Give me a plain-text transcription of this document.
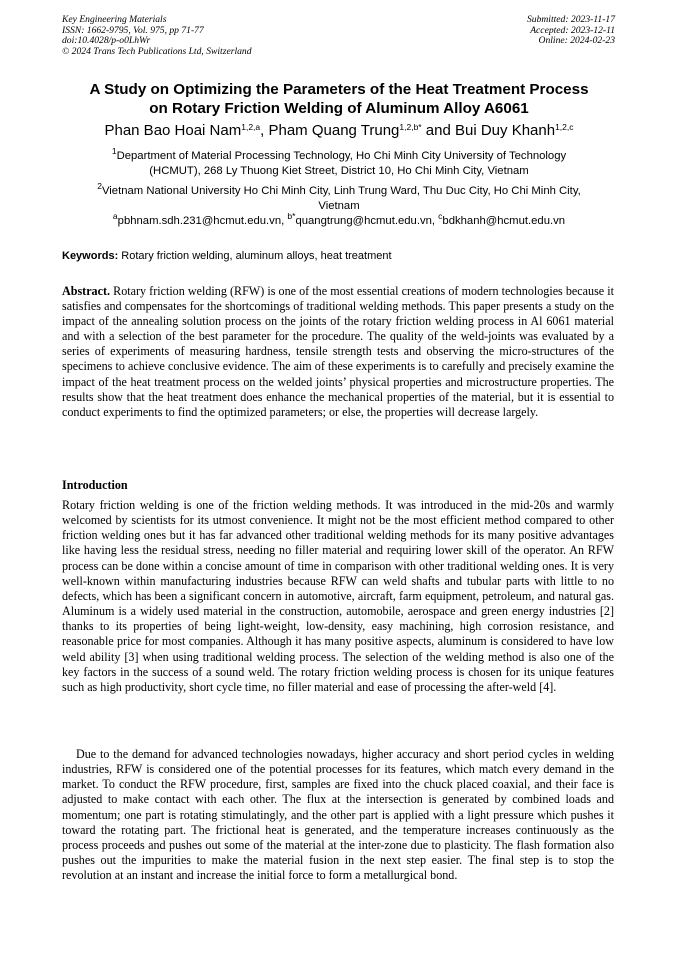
Key Engineering Materials
ISSN: 1662-9795, Vol. 975, pp 71-77
doi:10.4028/p-o0LhWr
© 2024 Trans Tech Publications Ltd, Switzerland
Submitted: 2023-11-17
Accepted: 2023-12-11
Online: 2024-02-23
A Study on Optimizing the Parameters of the Heat Treatment Process
on Rotary Friction Welding of Aluminum Alloy A6061
Phan Bao Hoai Nam$^{1,2,a}$, Pham Quang Trung$^{1,2,b*}$ and Bui Duy Khanh$^{1,2,c}$
$^1$Department of Material Processing Technology, Ho Chi Minh City University of Technology
(HCMUT), 268 Ly Thuong Kiet Street, District 10, Ho Chi Minh City, Vietnam
$^2$Vietnam National University Ho Chi Minh City, Linh Trung Ward, Thu Duc City, Ho Chi Minh City,
Vietnam
$^a$pbhnam.sdh.231@hcmut.edu.vn, $^{b*}$quangtrung@hcmut.edu.vn, $^c$bdkhanh@hcmut.edu.vn
Keywords: Rotary friction welding, aluminum alloys, heat treatment
Abstract. Rotary friction welding (RFW) is one of the most essential creations of modern technologies because it satisfies and compensates for the shortcomings of traditional welding methods. This paper presents a study on the impact of the annealing solution process on the joints of the rotary friction welding process in Al 6061 material and with a selection of the best parameter for the procedure. The quality of the weld-joints was evaluated by a series of experiments of measuring hardness, tensile strength tests and observing the micro-structures of the specimens to achieve conclusive evidence. The aim of these experiments is to carefully and precisely examine the impact of the heat treatment process on the welded joints’ physical properties and microstructure properties. The results show that the heat treatment does enhance the mechanical properties of the material, but it is essential to conduct experiments to find the optimized parameters; or else, the properties will decrease largely.
Introduction

Rotary friction welding is one of the friction welding methods. It was introduced in the mid-20s and warmly welcomed by scientists for its utmost convenience. It might not be the most efficient method compared to other friction welding ones but it has far advanced other traditional welding methods for its many positive advantages like having less the residual stress, needing no filler material and requiring lower skill of the operator. An RFW process can be done within a concise amount of time in comparison with other traditional welding ones. It is very well-known within manufacturing industries because RFW can weld shafts and tubular parts with little to no defects, which has been a significant concern in automotive, aircraft, farm equipment, petroleum, and natural gas. Aluminum is a widely used material in the construction, automobile, aerospace and green energy industries [2] thanks to its properties of being light-weight, low-density, easy machining, high corrosion resistance, and reasonable price for most companies. Although it has many positive aspects, aluminum is considered to have low weld ability [3] when using traditional welding process. The selection of the welding method is also one of the key factors in the success of a sound weld. The rotary friction welding process is chosen for its unique features such as high productivity, short cycle time, no filler material and ease of processing the after-weld [4].

Due to the demand for advanced technologies nowadays, higher accuracy and short period cycles in welding industries, RFW is considered one of the potential processes for its features, which match every demand in the market. To conduct the RFW procedure, first, samples are fixed into the chuck placed coaxial, and their face is adjusted to make contact with each other. The flux at the intersection is generated by combined loads and momentum; one part is rotating stimulatingly, and the other part is applied with a light pressure which pushes it toward the rotating part. The frictional heat is generated, and the temperature increases continuously as the process proceeds and pushes out some of the material at the inter-zone due to plasticity. The flash formation also pushes out the impurities to make the material fusion in the next step easier. The final step is to stop the revolution at an instant and increase the initial force to form a metallurgical bond.
